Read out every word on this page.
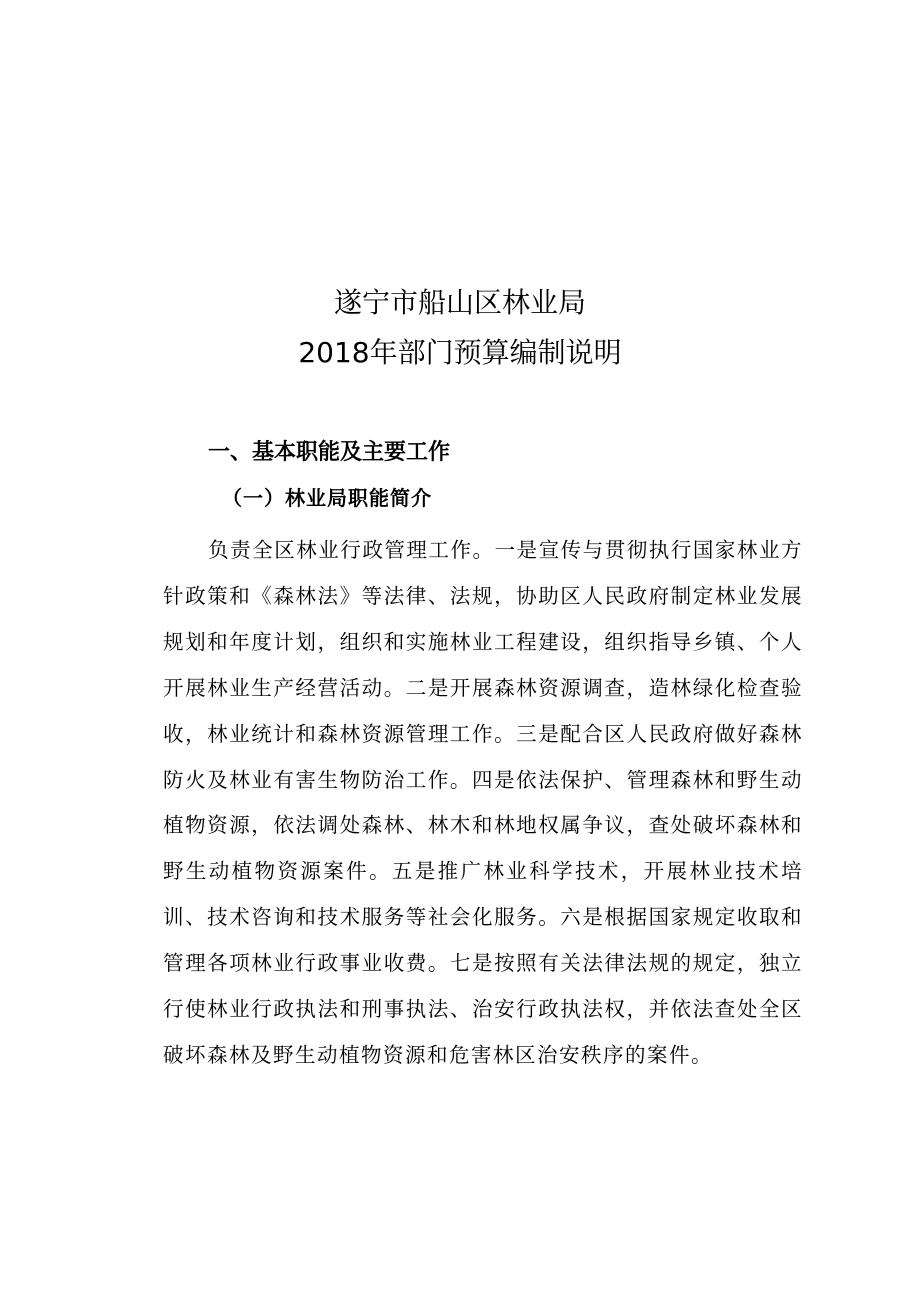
遂宁市船山区林业局
2018年部门预算编制说明
一、基本职能及主要工作
（一）林业局职能简介

负责全区林业行政管理工作。一是宣传与贯彻执行国家林业方针政策和《森林法》等法律、法规，协助区人民政府制定林业发展规划和年度计划，组织和实施林业工程建设，组织指导乡镇、个人开展林业生产经营活动。二是开展森林资源调查，造林绿化检查验收，林业统计和森林资源管理工作。三是配合区人民政府做好森林防火及林业有害生物防治工作。四是依法保护、管理森林和野生动植物资源，依法调处森林、林木和林地权属争议，查处破坏森林和野生动植物资源案件。五是推广林业科学技术，开展林业技术培训、技术咨询和技术服务等社会化服务。六是根据国家规定收取和管理各项林业行政事业收费。七是按照有关法律法规的规定，独立行使林业行政执法和刑事执法、治安行政执法权，并依法查处全区破坏森林及野生动植物资源和危害林区治安秩序的案件。
